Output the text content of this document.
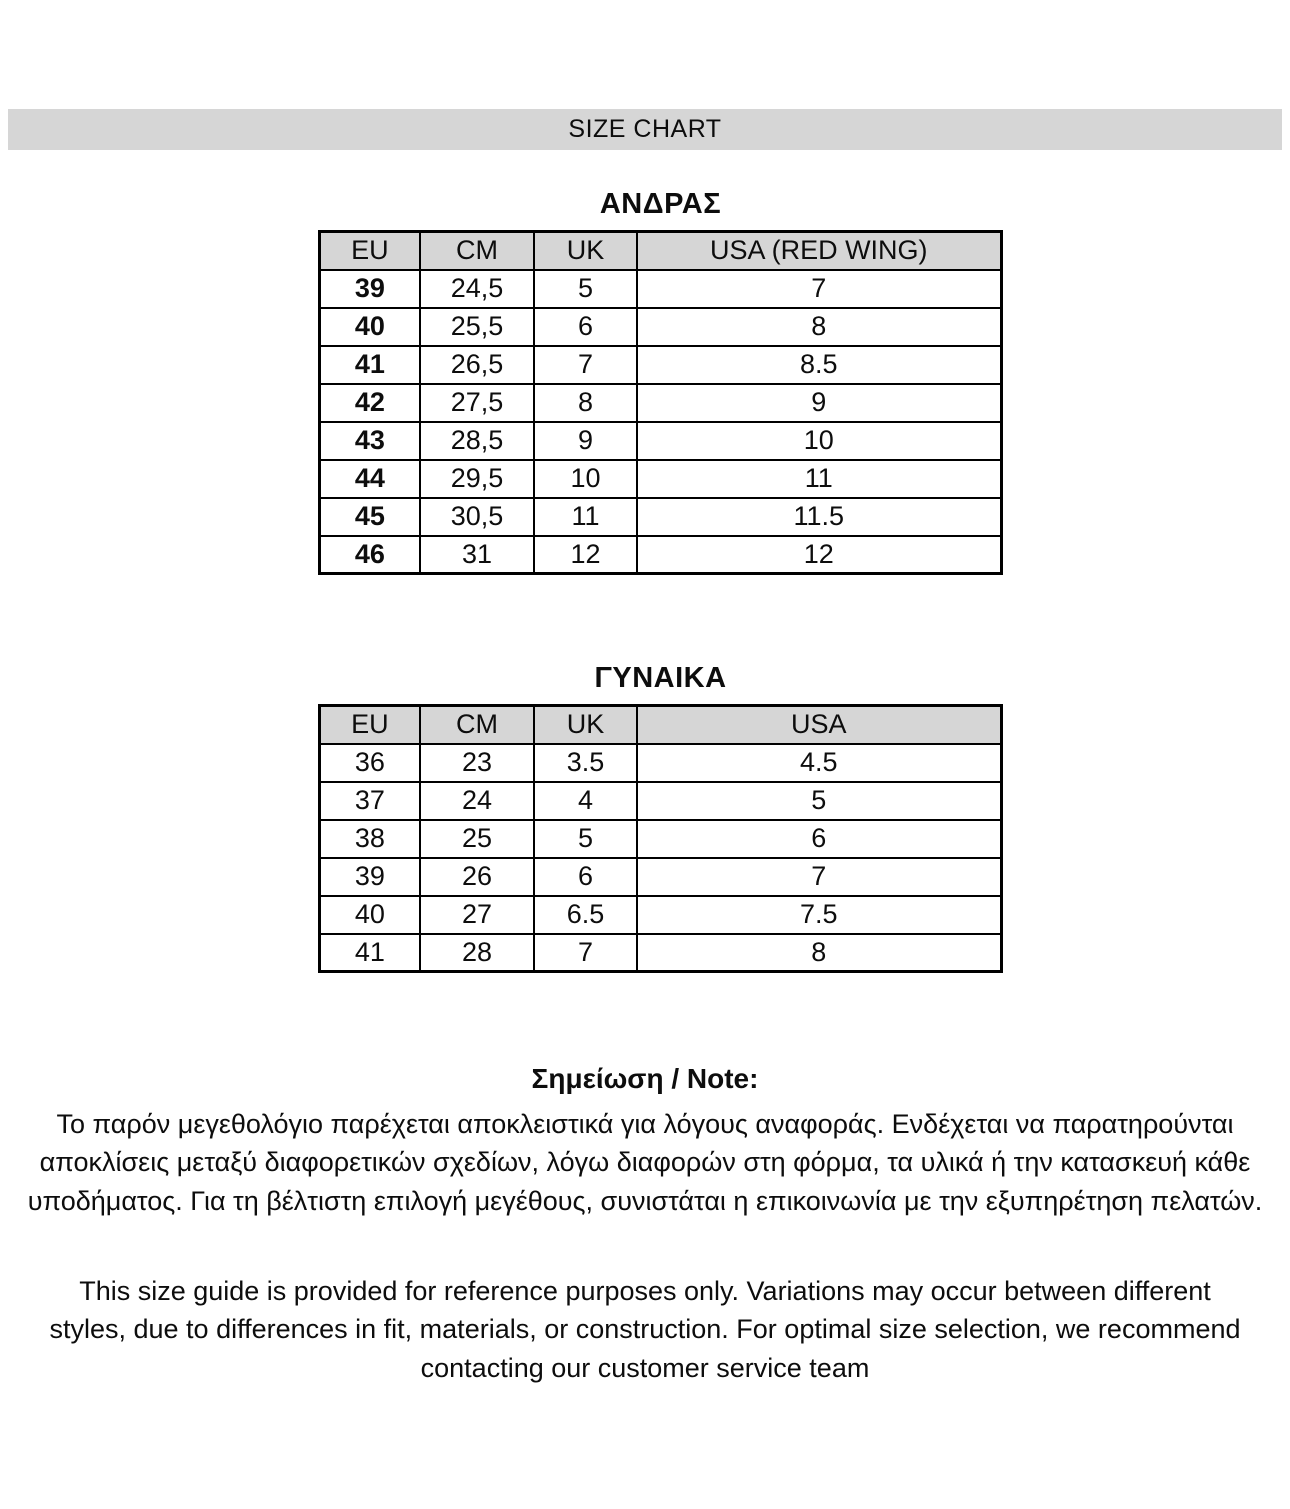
SIZE CHART
ΑΝΔΡΑΣ
EU	CM	UK	USA (RED WING)
39	24,5	5	7
40	25,5	6	8
41	26,5	7	8.5
42	27,5	8	9
43	28,5	9	10
44	29,5	10	11
45	30,5	11	11.5
46	31	12	12
ΓΥΝΑΙΚΑ
EU	CM	UK	USA
36	23	3.5	4.5
37	24	4	5
38	25	5	6
39	26	6	7
40	27	6.5	7.5
41	28	7	8
Σημείωση / Note:

Το παρόν μεγεθολόγιο παρέχεται αποκλειστικά για λόγους αναφοράς. Ενδέχεται να παρατηρούνται αποκλίσεις μεταξύ διαφορετικών σχεδίων, λόγω διαφορών στη φόρμα, τα υλικά ή την κατασκευή κάθε υποδήματος. Για τη βέλτιστη επιλογή μεγέθους, συνιστάται η επικοινωνία με την εξυπηρέτηση πελατών.

This size guide is provided for reference purposes only. Variations may occur between different styles, due to differences in fit, materials, or construction. For optimal size selection, we recommend contacting our customer service team
